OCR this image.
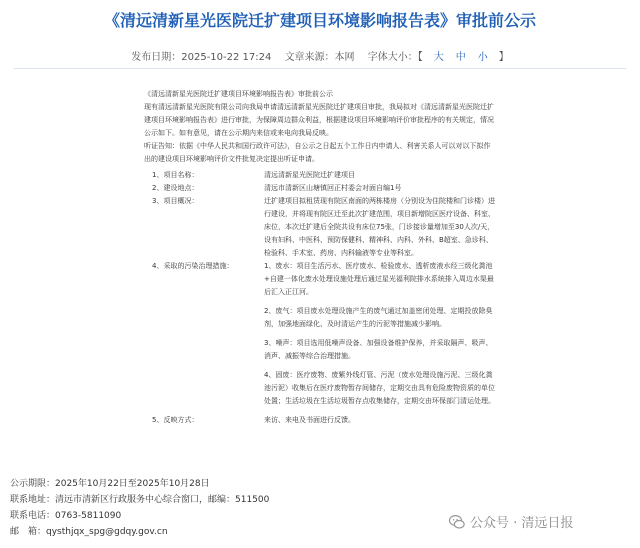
《清远清新星光医院迁扩建项目环境影响报告表》审批前公示
发布日期：2025-10-22 17:24 文章来源：本网 字体大小：【 大 中 小 】

《清远清新星光医院迁扩建项目环境影响报告表》审批前公示

现有清远清新星光医院有限公司向我局申请清远清新星光医院迁扩建项目审批，我局拟对《清远清新星光医院迁扩建项目环境影响报告表》进行审批，为保障周边群众利益，根据建设项目环境影响评价审批程序的有关规定，情况公示如下。如有意见，请在公示期内来信或来电向我局反映。

听证告知：依据《中华人民共和国行政许可法》，自公示之日起五个工作日内申请人、利害关系人可以对以下拟作出的建设项目环境影响评价文件批复决定提出听证申请。

1、项目名称：	清远清新星光医院迁扩建项目
2、建设地点：	清远市清新区山塘镇回正村委会对面自编1号
3、项目概况：	迁扩建项目拟租赁现有院区南面的两栋楼房（分别设为住院楼和门诊楼）进行建设，并将现有院区迁至此次扩建范围，项目新增院区医疗设备、科室、床位，本次迁扩建后全院共设有床位75张，门诊接诊量增加至30人次/天，设有妇科、中医科、预防保健科、精神科、内科、外科、B超室、急诊科、检验科、手术室、药房、内科输液等专业等科室。
4、采取的污染治理措施：	1、废水：项目生活污水、医疗废水、检验废水、透析废液水经三级化粪池+自建一体化废水处理设施处理后通过星光福利院排水系统排入周边水渠最后汇入正江河。
2、废气：项目废水处理设施产生的废气通过加盖密闭处理、定期投放除臭剂，加强地面绿化、及时清运产生的污泥等措施减少影响。
3、噪声：项目选用低噪声设备、加强设备维护保养，并采取隔声、吸声、消声、减振等综合治理措施。
4、固废：医疗废物、废紫外线灯管、污泥（废水处理设施污泥、三级化粪池污泥）收集后在医疗废物暂存间储存，定期交由具有危险废物资质的单位处置；生活垃圾在生活垃圾暂存点收集储存，定期交由环保部门清运处理。

5、反映方式：	来访、来电及书面进行反馈。
公示期限：2025年10月22日至2025年10月28日
联系地址：清远市清新区行政服务中心综合窗口，邮编：511500
联系电话：0763-5811090
邮　箱：qysthjqx_spg@gdqy.gov.cn
公众号 · 清远日报
